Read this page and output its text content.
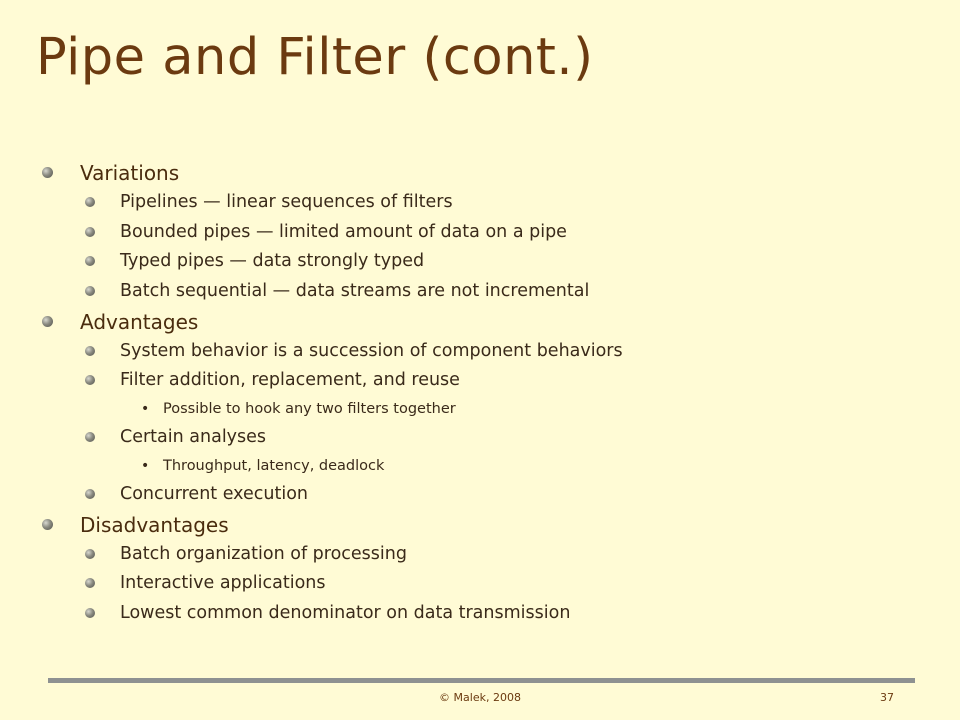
Pipe and Filter (cont.)
Variations
Pipelines — linear sequences of filters
Bounded pipes — limited amount of data on a pipe
Typed pipes — data strongly typed
Batch sequential — data streams are not incremental
Advantages
System behavior is a succession of component behaviors
Filter addition, replacement, and reuse
• Possible to hook any two filters together
Certain analyses
• Throughput, latency, deadlock
Concurrent execution
Disadvantages
Batch organization of processing
Interactive applications
Lowest common denominator on data transmission
© Malek, 2008	37
